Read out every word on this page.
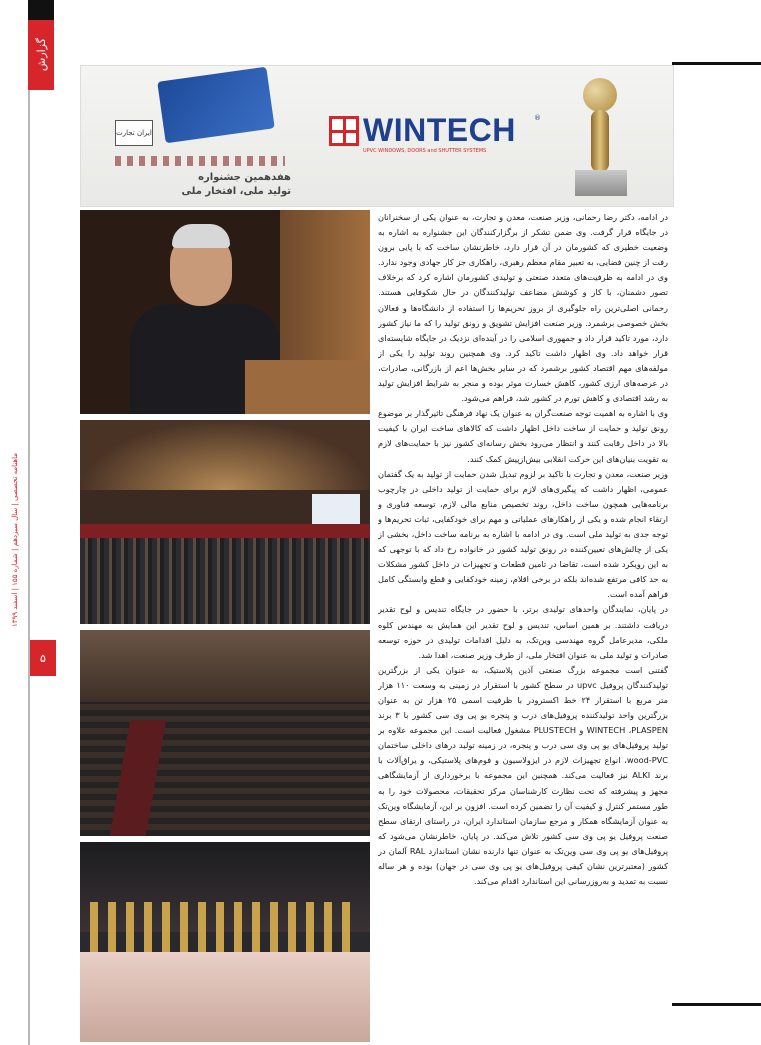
گزارش
ماهنامه تخصصی | سال سیزدهم | شماره ۱۵۵ | اسفند ۱۳۹۹
۵
ایران تجارت
هفدهمین جشنواره
تولید ملی، افتخار ملی
WINTECH	®
UPVC WINDOWS, DOORS and SHUTTER SYSTEMS

در ادامه، دکتر رضا رحمانی، وزیر صنعت، معدن و تجارت، به عنوان یکی از سخنرانان در جایگاه قرار گرفت. وی ضمن تشکر از برگزارکنندگان این جشنواره به اشاره به وضعیت خطیری که کشورمان در آن قرار دارد، خاطرنشان ساخت که با پایی برون رفت از چنین فضایی، به تعبیر مقام معظم رهبری، راهکاری جز کار جهادی وجود ندارد. وی در ادامه به ظرفیت‌های متعدد صنعتی و تولیدی کشورمان اشاره کرد که برخلاف تصور دشمنان، با کار و کوشش مضاعف تولیدکنندگان در حال شکوفایی هستند. رحمانی اصلی‌ترین راه جلوگیری از بروز تحریم‌ها را استفاده از دانشگاه‌ها و فعالان بخش خصوصی برشمرد. وزیر صنعت افزایش تشویق و رونق تولید را که ما نیاز کشور دارد، مورد تاکید قرار داد و جمهوری اسلامی را در آینده‌ای نزدیک در جایگاه شایسته‌ای قرار خواهد داد. وی اظهار داشت تاکید کرد. وی همچنین روند تولید را یکی از مولفه‌های مهم اقتصاد کشور برشمرد که در سایر بخش‌ها اعم از بازرگانی، صادرات، در عرصه‌های ارزی کشور، کاهش خسارت موثر بوده و منجر به شرایط افزایش تولید به رشد اقتصادی و کاهش تورم در کشور شد، فراهم می‌شود.

وی با اشاره به اهمیت توجه صنعت‌گران به عنوان یک نهاد فرهنگی تاثیرگذار بر موضوع رونق تولید و حمایت از ساخت داخل اظهار داشت که کالاهای ساخت ایران با کیفیت بالا در داخل رقابت کنند و انتظار می‌رود بخش رسانه‌ای کشور نیز با حمایت‌های لازم به تقویت بنیان‌های این حرکت انقلابی بیش‌ازپیش کمک کنند.

وزیر صنعت، معدن و تجارت با تاکید بر لزوم تبدیل شدن حمایت از تولید به یک گفتمان عمومی، اظهار داشت که پیگیری‌های لازم برای حمایت از تولید داخلی در چارچوب برنامه‌هایی همچون ساخت داخل، روند تخصیص منابع مالی لازم، توسعه فناوری و ارتقاء انجام شده و یکی از راهکارهای عملیاتی و مهم برای خودکفایی، ثبات تحریم‌ها و توجه جدی به تولید ملی است. وی در ادامه با اشاره به برنامه ساخت داخل، بخشی از یکی از چالش‌های تعیین‌کننده در رونق تولید کشور در خانواده رخ داد که با توجهی که به این رویکرد شده است، تقاضا در تامین قطعات و تجهیزات در داخل کشور مشکلات به حد کافی مرتفع شده‌اند بلکه در برخی اقلام، زمینه خودکفایی و قطع وابستگی کامل فراهم آمده است.

در پایان، نمایندگان واحدهای تولیدی برتر، با حضور در جایگاه تندیس و لوح تقدیر دریافت داشتند. بر همین اساس، تندیس و لوح تقدیر این همایش به مهندس کلوه ملکی، مدیرعامل گروه مهندسی وین‌تک، به دلیل اقدامات تولیدی در حوزه توسعه صادرات و تولید ملی به عنوان افتخار ملی، از طرف وزیر صنعت، اهدا شد.

گفتنی است مجموعه بزرگ صنعتی آذین پلاستیک، به عنوان یکی از بزرگترین تولیدکنندگان پروفیل upvc در سطح کشور با استقرار در زمینی به وسعت ۱۱۰ هزار متر مربع با استقرار ۲۴ خط اکسترودر با ظرفیت اسمی ۲۵ هزار تن به عنوان بزرگترین واحد تولیدکننده پروفیل‌های درب و پنجره یو پی وی سی کشور با ۳ برند WINTECH ،PLASPEN و PLUSTECH مشغول فعالیت است. این مجموعه علاوه بر تولید پروفیل‌های یو پی وی سی درب و پنجره، در زمینه تولید درهای داخلی ساختمان wood-PVC، انواع تجهیزات لازم در ایزولاسیون و فوم‌های پلاستیکی، و یراق‌آلات با برند ALKI نیز فعالیت می‌کند. همچنین این مجموعه با برخورداری از آزمایشگاهی مجهز و پیشرفته که تحت نظارت کارشناسان مرکز تحقیقات، محصولات خود را به طور مستمر کنترل و کیفیت آن را تضمین کرده است. افزون بر این، آزمایشگاه وین‌تک به عنوان آزمایشگاه همکار و مرجع سازمان استاندارد ایران، در راستای ارتقای سطح صنعت پروفیل یو پی وی سی کشور تلاش می‌کند. در پایان، خاطرنشان می‌شود که پروفیل‌های یو پی وی سی وین‌تک به عنوان تنها دارنده نشان استاندارد RAL آلمان در کشور (معتبرترین نشان کیفی پروفیل‌های یو پی وی سی در جهان) بوده و هر ساله نسبت به تمدید و به‌روزرسانی این استاندارد اقدام می‌کند.
